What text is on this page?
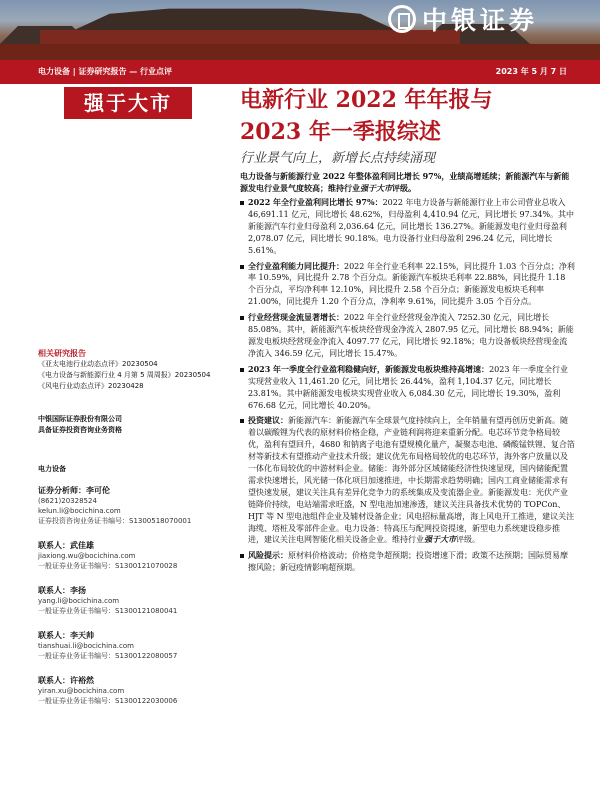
中银证券
电力设备 | 证券研究报告 — 行业点评	2023 年 5 月 7 日
强于大市	电新行业 2022 年年报与
2023 年一季报综述
行业景气向上，新增长点持续涌现
电力设备与新能源行业 2022 年整体盈利同比增长 97%，业绩高增延续；新能源汽车与新能源发电行业景气度较高；维持行业强于大市评级。
2022 年全行业盈利同比增长 97%：2022 年电力设备与新能源行业上市公司营业总收入 46,691.11 亿元，同比增长 48.62%，归母盈利 4,410.94 亿元，同比增长 97.34%。其中新能源汽车行业归母盈利 2,036.64 亿元，同比增长 136.27%。新能源发电行业归母盈利 2,078.07 亿元，同比增长 90.18%。电力设备行业归母盈利 296.24 亿元，同比增长 5.61%。
全行业盈利能力同比提升：2022 年全行业毛利率 22.15%，同比提升 1.03 个百分点；净利率 10.59%，同比提升 2.78 个百分点。新能源汽车板块毛利率 22.88%，同比提升 1.18 个百分点，平均净利率 12.10%，同比提升 2.58 个百分点；新能源发电板块毛利率 21.00%，同比提升 1.20 个百分点，净利率 9.61%，同比提升 3.05 个百分点。
行业经营现金流显著增长：2022 年全行业经营现金净流入 7252.30 亿元，同比增长 85.08%。其中，新能源汽车板块经营现金净流入 2807.95 亿元，同比增长 88.94%；新能源发电板块经营现金净流入 4097.77 亿元，同比增长 92.18%；电力设备板块经营现金流净流入 346.59 亿元，同比增长 15.47%。
2023 年一季度全行业盈利稳健向好，新能源发电板块维持高增速：2023 年一季度全行业实现营业收入 11,461.20 亿元，同比增长 26.44%，盈利 1,104.37 亿元，同比增长 23.81%。其中新能源发电板块实现营业收入 6,084.30 亿元，同比增长 19.30%，盈利 676.68 亿元，同比增长 40.20%。
投资建议：新能源汽车：新能源汽车全球景气度持续向上，全年销量有望再创历史新高。随着以碳酸锂为代表的原材料价格企稳，产业链利润将迎来重新分配。电芯环节竞争格局较优，盈利有望回升，4680 和钠离子电池有望规模化量产，凝聚态电池、磷酸锰铁锂、复合箔材等新技术有望推动产业技术升级；建议优先布局格局较优的电芯环节，海外客户放量以及一体化布局较优的中游材料企业。储能：海外部分区域储能经济性快速显现，国内储能配置需求快速增长，风光储一体化项目加速推进，中长期需求趋势明确；国内工商业储能需求有望快速发展，建议关注具有差异化竞争力的系统集成及变流器企业。新能源发电：光伏产业链降价持续，电站端需求旺盛，N 型电池加速渗透，建议关注具备技术优势的 TOPCon、HJT 等 N 型电池组件企业及辅材设备企业；风电招标量高增，海上风电开工推进，建议关注海缆、塔桩及零部件企业。电力设备：特高压与配网投资提速，新型电力系统建设稳步推进，建议关注电网智能化相关设备企业。维持行业强于大市评级。
风险提示：原材料价格波动；价格竞争超预期；投资增速下滑；政策不达预期；国际贸易摩擦风险；新冠疫情影响超预期。
相关研究报告
《亚太电池行业动态点评》20230504
《电力设备与新能源行业 4 月第 5 周周报》20230504
《风电行业动态点评》20230428
中银国际证券股份有限公司
具备证券投资咨询业务资格
电力设备
证券分析师：李可伦
(8621)20328524
kelun.li@bocichina.com
证券投资咨询业务证书编号：S1300518070001
联系人：武佳雄
jiaxiong.wu@bocichina.com
一般证券业务证书编号：S1300121070028
联系人：李扬
yang.li@bocichina.com
一般证券业务证书编号：S1300121080041
联系人：李天帅
tianshuai.li@bocichina.com
一般证券业务证书编号：S1300122080057
联系人：许裕然
yiran.xu@bocichina.com
一般证券业务证书编号：S1300122030006
